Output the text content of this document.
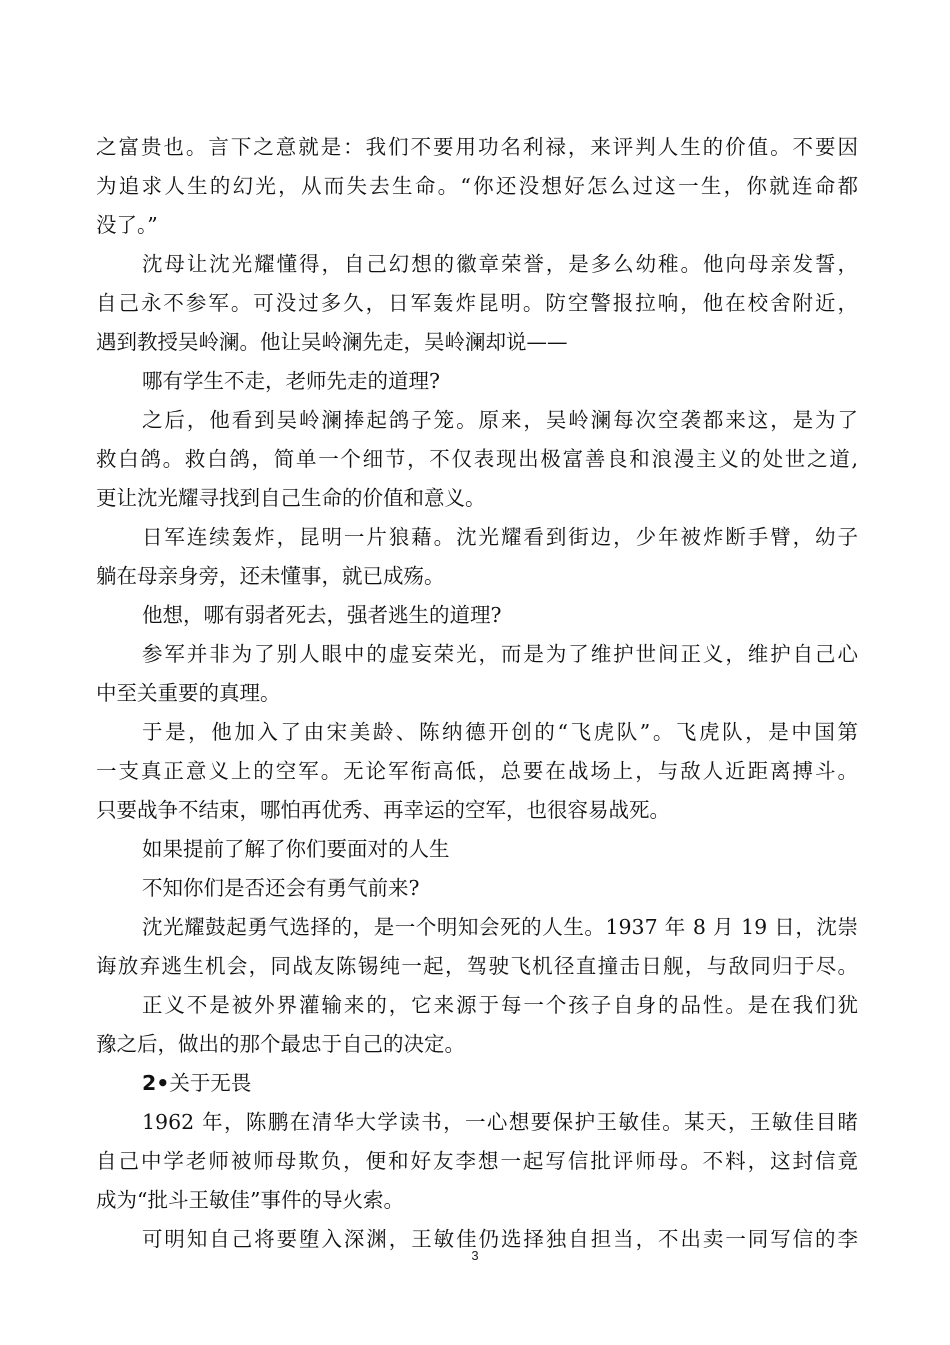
之富贵也。言下之意就是：我们不要用功名利禄，来评判人生的价值。不要因
为追求人生的幻光，从而失去生命。“你还没想好怎么过这一生，你就连命都
没了。”
沈母让沈光耀懂得，自己幻想的徽章荣誉，是多么幼稚。他向母亲发誓，
自己永不参军。可没过多久，日军轰炸昆明。防空警报拉响，他在校舍附近，
遇到教授吴岭澜。他让吴岭澜先走，吴岭澜却说——
哪有学生不走，老师先走的道理?
之后，他看到吴岭澜捧起鸽子笼。原来，吴岭澜每次空袭都来这，是为了
救白鸽。救白鸽，简单一个细节，不仅表现出极富善良和浪漫主义的处世之道,
更让沈光耀寻找到自己生命的价值和意义。
日军连续轰炸，昆明一片狼藉。沈光耀看到街边，少年被炸断手臂，幼子
躺在母亲身旁，还未懂事，就已成殇。
他想，哪有弱者死去，强者逃生的道理?
参军并非为了别人眼中的虚妄荣光，而是为了维护世间正义，维护自己心
中至关重要的真理。
于是，他加入了由宋美龄、陈纳德开创的“飞虎队”。飞虎队，是中国第
一支真正意义上的空军。无论军衔高低，总要在战场上，与敌人近距离搏斗。
只要战争不结束，哪怕再优秀、再幸运的空军，也很容易战死。
如果提前了解了你们要面对的人生
不知你们是否还会有勇气前来?
沈光耀鼓起勇气选择的，是一个明知会死的人生。1937 年 8 月 19 日，沈崇
诲放弃逃生机会，同战友陈锡纯一起，驾驶飞机径直撞击日舰，与敌同归于尽。
正义不是被外界灌输来的，它来源于每一个孩子自身的品性。是在我们犹
豫之后，做出的那个最忠于自己的决定。
2•关于无畏
1962 年，陈鹏在清华大学读书，一心想要保护王敏佳。某天，王敏佳目睹
自己中学老师被师母欺负，便和好友李想一起写信批评师母。不料，这封信竟
成为“批斗王敏佳”事件的导火索。
可明知自己将要堕入深渊，王敏佳仍选择独自担当，不出卖一同写信的李
3
